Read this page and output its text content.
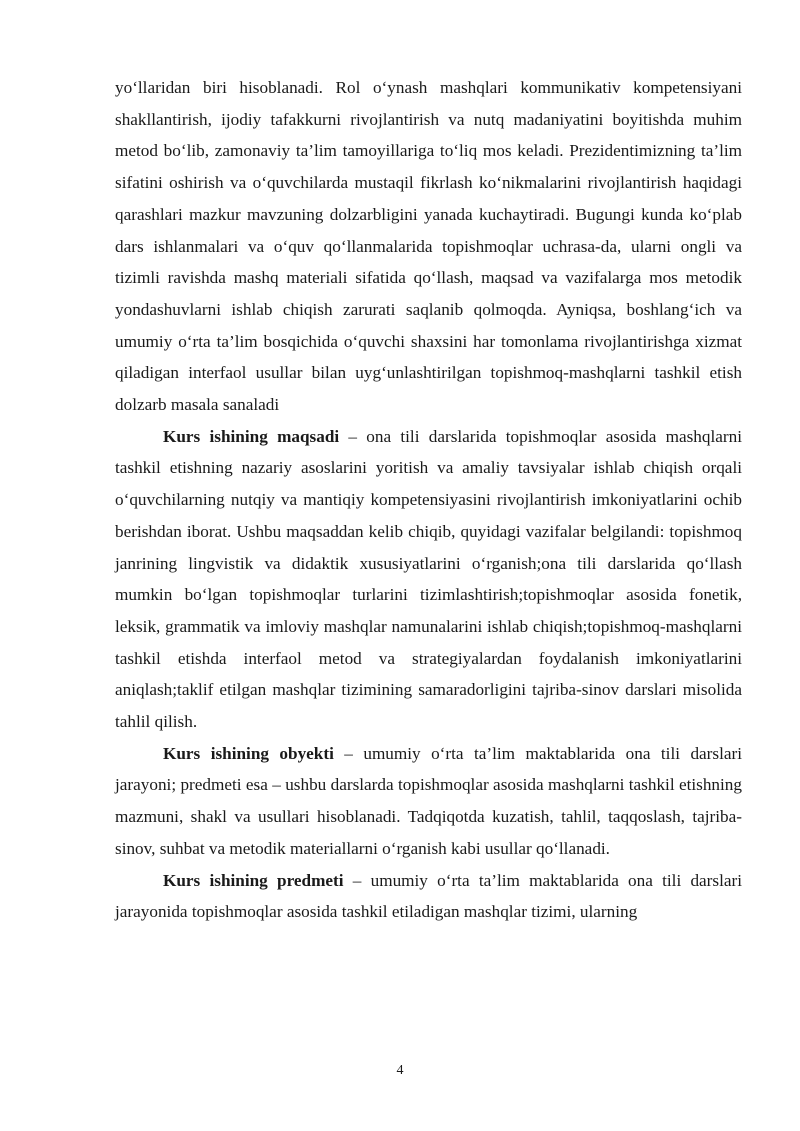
yo‘llaridan biri hisoblanadi. Rol o‘ynash mashqlari kommunikativ kompetensiyani shakllantirish, ijodiy tafakkurni rivojlantirish va nutq madaniyatini boyitishda muhim metod bo‘lib, zamonaviy ta’lim tamoyillariga to‘liq mos keladi. Prezidentimizning ta’lim sifatini oshirish va o‘quvchilarda mustaqil fikrlash ko‘nikmalarini rivojlantirish haqidagi qarashlari mazkur mavzuning dolzarbligini yanada kuchaytiradi. Bugungi kunda ko‘plab dars ishlanmalari va o‘quv qo‘llanmalarida topishmoqlar uchrasa-da, ularni ongli va tizimli ravishda mashq materiali sifatida qo‘llash, maqsad va vazifalarga mos metodik yondashuvlarni ishlab chiqish zarurati saqlanib qolmoqda. Ayniqsa, boshlang‘ich va umumiy o‘rta ta’lim bosqichida o‘quvchi shaxsini har tomonlama rivojlantirishga xizmat qiladigan interfaol usullar bilan uyg‘unlashtirilgan topishmoq-mashqlarni tashkil etish dolzarb masala sanaladi

Kurs ishining maqsadi – ona tili darslarida topishmoqlar asosida mashqlarni tashkil etishning nazariy asoslarini yoritish va amaliy tavsiyalar ishlab chiqish orqali o‘quvchilarning nutqiy va mantiqiy kompetensiyasini rivojlantirish imkoniyatlarini ochib berishdan iborat. Ushbu maqsaddan kelib chiqib, quyidagi vazifalar belgilandi: topishmoq janrining lingvistik va didaktik xususiyatlarini o‘rganish;ona tili darslarida qo‘llash mumkin bo‘lgan topishmoqlar turlarini tizimlashtirish;topishmoqlar asosida fonetik, leksik, grammatik va imloviy mashqlar namunalarini ishlab chiqish;topishmoq-mashqlarni tashkil etishda interfaol metod va strategiyalardan foydalanish imkoniyatlarini aniqlash;taklif etilgan mashqlar tizimining samaradorligini tajriba-sinov darslari misolida tahlil qilish.

Kurs ishining obyekti – umumiy o‘rta ta’lim maktablarida ona tili darslari jarayoni; predmeti esa – ushbu darslarda topishmoqlar asosida mashqlarni tashkil etishning mazmuni, shakl va usullari hisoblanadi. Tadqiqotda kuzatish, tahlil, taqqoslash, tajriba-sinov, suhbat va metodik materiallarni o‘rganish kabi usullar qo‘llanadi.

Kurs ishining predmeti – umumiy o‘rta ta’lim maktablarida ona tili darslari jarayonida topishmoqlar asosida tashkil etiladigan mashqlar tizimi, ularning

4
